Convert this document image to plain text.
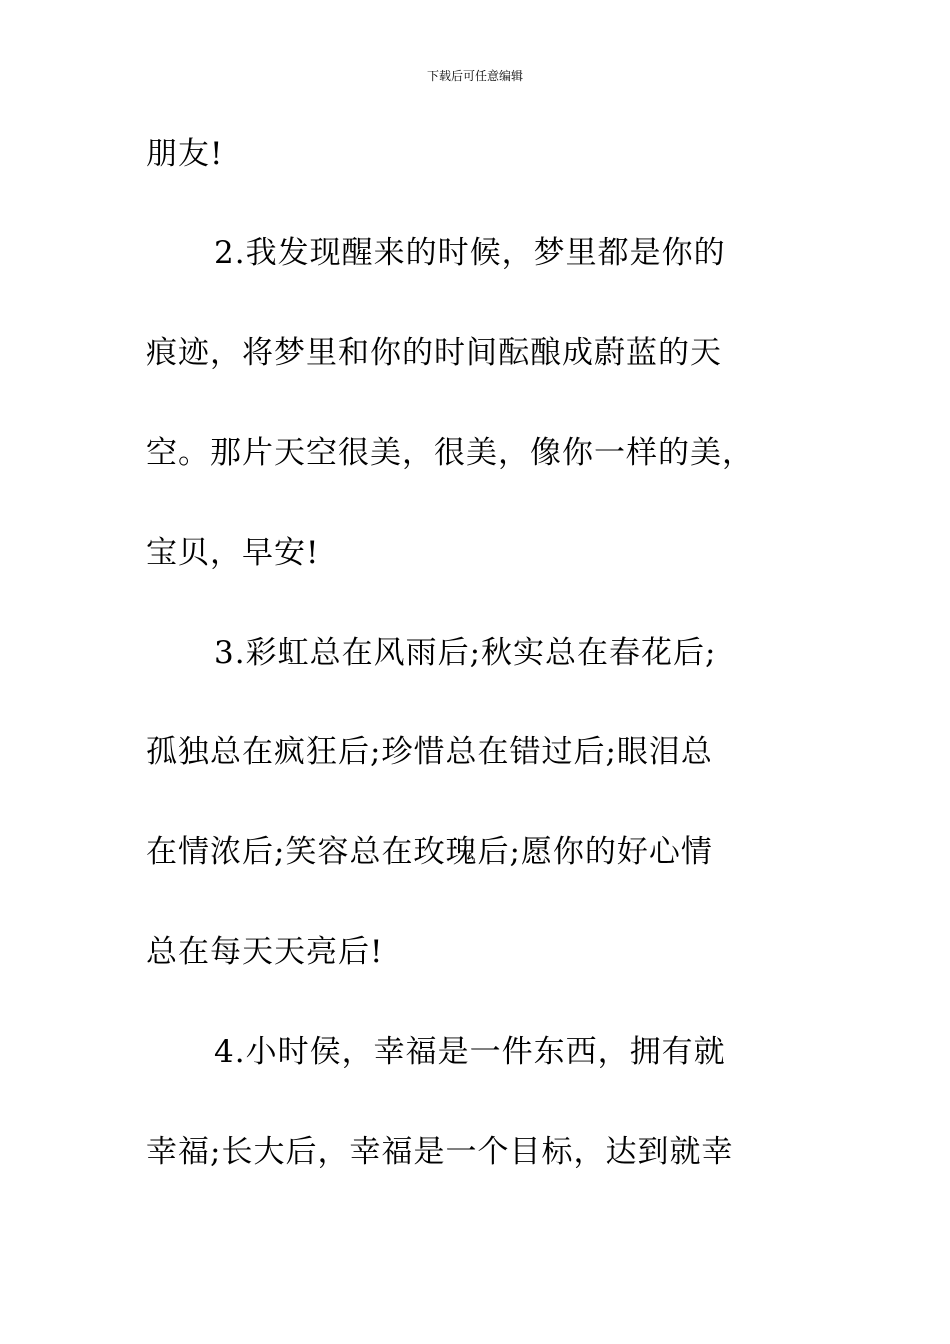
下载后可任意编辑
朋友!
2.我发现醒来的时候，梦里都是你的
痕迹，将梦里和你的时间酝酿成蔚蓝的天
空。那片天空很美，很美，像你一样的美，
宝贝，早安!
3.彩虹总在风雨后;秋实总在春花后;
孤独总在疯狂后;珍惜总在错过后;眼泪总
在情浓后;笑容总在玫瑰后;愿你的好心情
总在每天天亮后!
4.小时侯，幸福是一件东西，拥有就
幸福;长大后，幸福是一个目标，达到就幸
